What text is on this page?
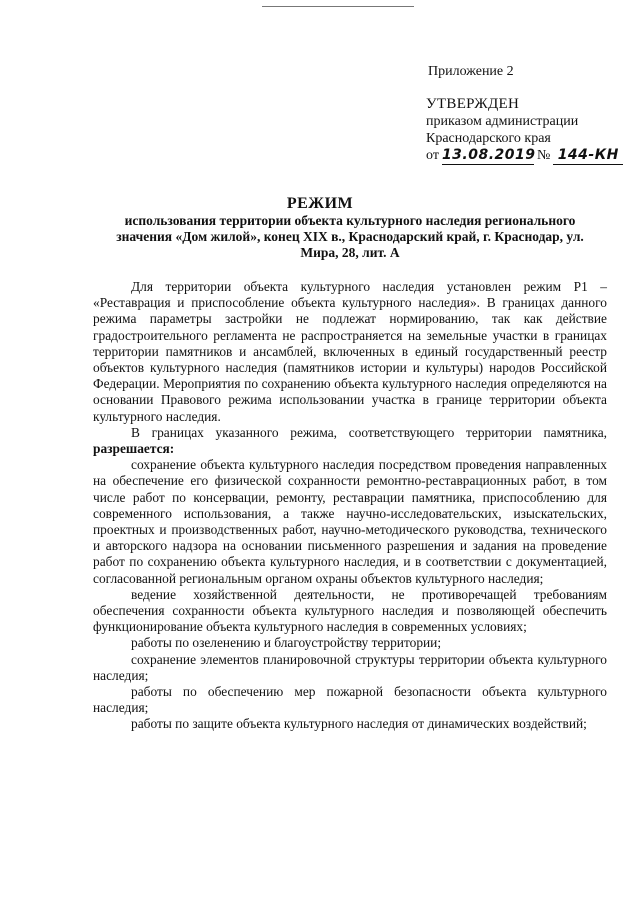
Приложение 2
УТВЕРЖДЕН
приказом администрации
Краснодарского края
от 13.08.2019 № 144-КН
РЕЖИМ
использования территории объекта культурного наследия регионального значения «Дом жилой», конец XIX в., Краснодарский край, г. Краснодар, ул. Мира, 28, лит. А

Для территории объекта культурного наследия установлен режим Р1 – «Реставрация и приспособление объекта культурного наследия». В границах данного режима параметры застройки не подлежат нормированию, так как действие градостроительного регламента не распространяется на земельные участки в границах территории памятников и ансамблей, включенных в единый государственный реестр объектов культурного наследия (памятников истории и культуры) народов Российской Федерации. Мероприятия по сохранению объекта культурного наследия определяются на основании Правового режима использовании участка в границе территории объекта культурного наследия.

В границах указанного режима, соответствующего территории памятника, разрешается:

сохранение объекта культурного наследия посредством проведения направленных на обеспечение его физической сохранности ремонтно-реставрационных работ, в том числе работ по консервации, ремонту, реставрации памятника, приспособлению для современного использования, а также научно-исследовательских, изыскательских, проектных и производственных работ, научно-методического руководства, технического и авторского надзора на основании письменного разрешения и задания на проведение работ по сохранению объекта культурного наследия, и в соответствии с документацией, согласованной региональным органом охраны объектов культурного наследия;

ведение хозяйственной деятельности, не противоречащей требованиям обеспечения сохранности объекта культурного наследия и позволяющей обеспечить функционирование объекта культурного наследия в современных условиях;

работы по озеленению и благоустройству территории;

сохранение элементов планировочной структуры территории объекта культурного наследия;

работы по обеспечению мер пожарной безопасности объекта культурного наследия;

работы по защите объекта культурного наследия от динамических воздействий;
